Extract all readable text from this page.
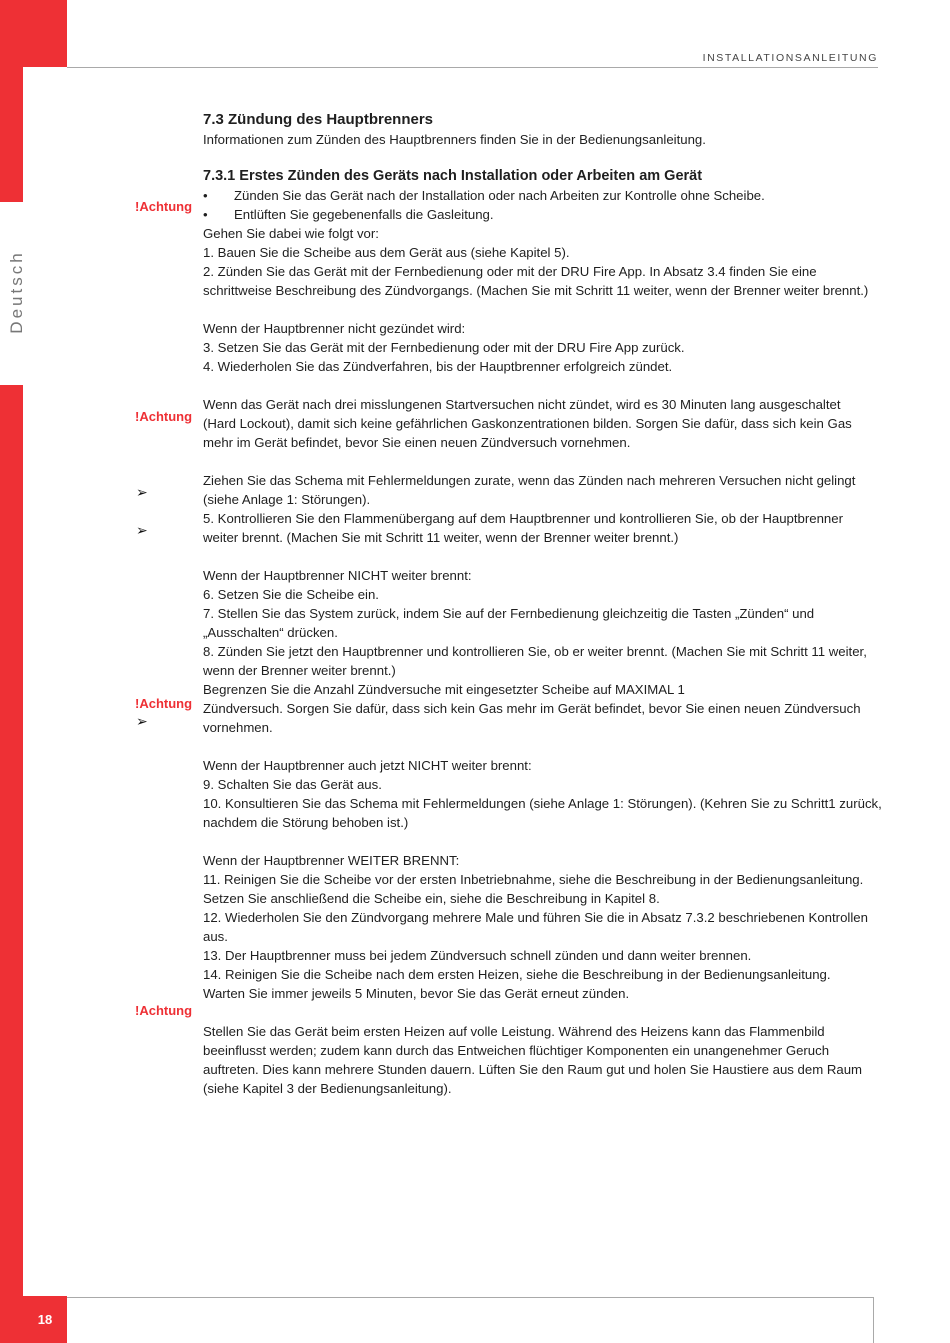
Deutsch
INSTALLATIONSANLEITUNG
18
!Achtung
!Achtung
➢
➢
!Achtung
➢
!Achtung
7.3 Zündung des Hauptbrenners
Informationen zum Zünden des Hauptbrenners finden Sie in der Bedienungsanleitung.
7.3.1 Erstes Zünden des Geräts nach Installation oder Arbeiten am Gerät
• Zünden Sie das Gerät nach der Installation oder nach Arbeiten zur Kontrolle ohne Scheibe.
• Entlüften Sie gegebenenfalls die Gasleitung.
Gehen Sie dabei wie folgt vor:
1. Bauen Sie die Scheibe aus dem Gerät aus (siehe Kapitel 5).
2. Zünden Sie das Gerät mit der Fernbedienung oder mit der DRU Fire App. In Absatz 3.4 finden Sie eine
schrittweise Beschreibung des Zündvorgangs. (Machen Sie mit Schritt 11 weiter, wenn der Brenner weiter brennt.)
Wenn der Hauptbrenner nicht gezündet wird:
3. Setzen Sie das Gerät mit der Fernbedienung oder mit der DRU Fire App zurück.
4. Wiederholen Sie das Zündverfahren, bis der Hauptbrenner erfolgreich zündet.
Wenn das Gerät nach drei misslungenen Startversuchen nicht zündet, wird es 30 Minuten lang ausgeschaltet
(Hard Lockout), damit sich keine gefährlichen Gaskonzentrationen bilden. Sorgen Sie dafür, dass sich kein Gas
mehr im Gerät befindet, bevor Sie einen neuen Zündversuch vornehmen.
Ziehen Sie das Schema mit Fehlermeldungen zurate, wenn das Zünden nach mehreren Versuchen nicht gelingt
(siehe Anlage 1: Störungen).
5. Kontrollieren Sie den Flammenübergang auf dem Hauptbrenner und kontrollieren Sie, ob der Hauptbrenner
weiter brennt. (Machen Sie mit Schritt 11 weiter, wenn der Brenner weiter brennt.)
Wenn der Hauptbrenner NICHT weiter brennt:
6. Setzen Sie die Scheibe ein.
7. Stellen Sie das System zurück, indem Sie auf der Fernbedienung gleichzeitig die Tasten „Zünden“ und
„Ausschalten“ drücken.
8. Zünden Sie jetzt den Hauptbrenner und kontrollieren Sie, ob er weiter brennt. (Machen Sie mit Schritt 11 weiter,
wenn der Brenner weiter brennt.)
Begrenzen Sie die Anzahl Zündversuche mit eingesetzter Scheibe auf MAXIMAL 1
Zündversuch. Sorgen Sie dafür, dass sich kein Gas mehr im Gerät befindet, bevor Sie einen neuen Zündversuch
vornehmen.
Wenn der Hauptbrenner auch jetzt NICHT weiter brennt:
9. Schalten Sie das Gerät aus.
10. Konsultieren Sie das Schema mit Fehlermeldungen (siehe Anlage 1: Störungen). (Kehren Sie zu Schritt1 zurück,
nachdem die Störung behoben ist.)
Wenn der Hauptbrenner WEITER BRENNT:
11. Reinigen Sie die Scheibe vor der ersten Inbetriebnahme, siehe die Beschreibung in der Bedienungsanleitung.
Setzen Sie anschließend die Scheibe ein, siehe die Beschreibung in Kapitel 8.
12. Wiederholen Sie den Zündvorgang mehrere Male und führen Sie die in Absatz 7.3.2 beschriebenen Kontrollen
aus.
13. Der Hauptbrenner muss bei jedem Zündversuch schnell zünden und dann weiter brennen.
14. Reinigen Sie die Scheibe nach dem ersten Heizen, siehe die Beschreibung in der Bedienungsanleitung.
Warten Sie immer jeweils 5 Minuten, bevor Sie das Gerät erneut zünden.
Stellen Sie das Gerät beim ersten Heizen auf volle Leistung. Während des Heizens kann das Flammenbild
beeinflusst werden; zudem kann durch das Entweichen flüchtiger Komponenten ein unangenehmer Geruch
auftreten. Dies kann mehrere Stunden dauern. Lüften Sie den Raum gut und holen Sie Haustiere aus dem Raum
(siehe Kapitel 3 der Bedienungsanleitung).
